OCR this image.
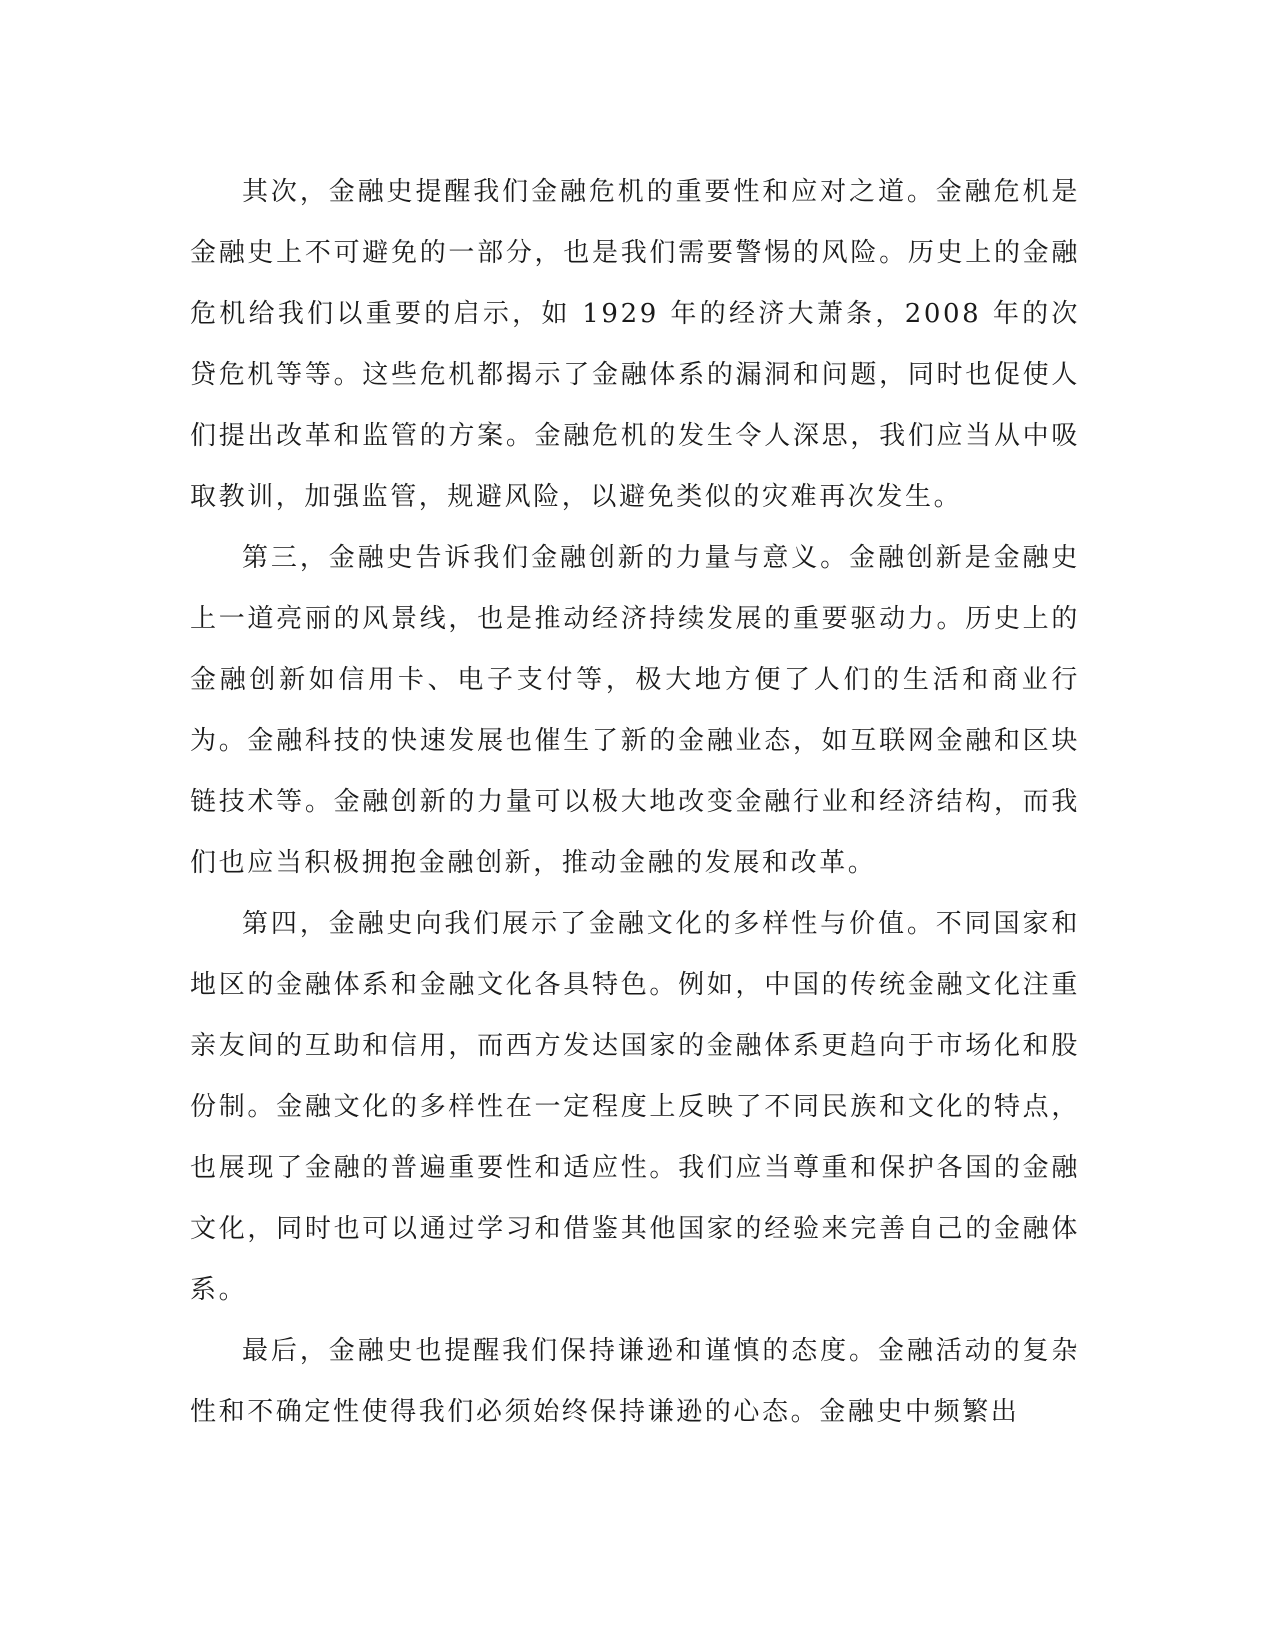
其次，金融史提醒我们金融危机的重要性和应对之道。金融危机是金融史上不可避免的一部分，也是我们需要警惕的风险。历史上的金融危机给我们以重要的启示，如 1929 年的经济大萧条，2008 年的次贷危机等等。这些危机都揭示了金融体系的漏洞和问题，同时也促使人们提出改革和监管的方案。金融危机的发生令人深思，我们应当从中吸取教训，加强监管，规避风险，以避免类似的灾难再次发生。

第三，金融史告诉我们金融创新的力量与意义。金融创新是金融史上一道亮丽的风景线，也是推动经济持续发展的重要驱动力。历史上的金融创新如信用卡、电子支付等，极大地方便了人们的生活和商业行为。金融科技的快速发展也催生了新的金融业态，如互联网金融和区块链技术等。金融创新的力量可以极大地改变金融行业和经济结构，而我们也应当积极拥抱金融创新，推动金融的发展和改革。

第四，金融史向我们展示了金融文化的多样性与价值。不同国家和地区的金融体系和金融文化各具特色。例如，中国的传统金融文化注重亲友间的互助和信用，而西方发达国家的金融体系更趋向于市场化和股份制。金融文化的多样性在一定程度上反映了不同民族和文化的特点，也展现了金融的普遍重要性和适应性。我们应当尊重和保护各国的金融文化，同时也可以通过学习和借鉴其他国家的经验来完善自己的金融体系。

最后，金融史也提醒我们保持谦逊和谨慎的态度。金融活动的复杂性和不确定性使得我们必须始终保持谦逊的心态。金融史中频繁出
